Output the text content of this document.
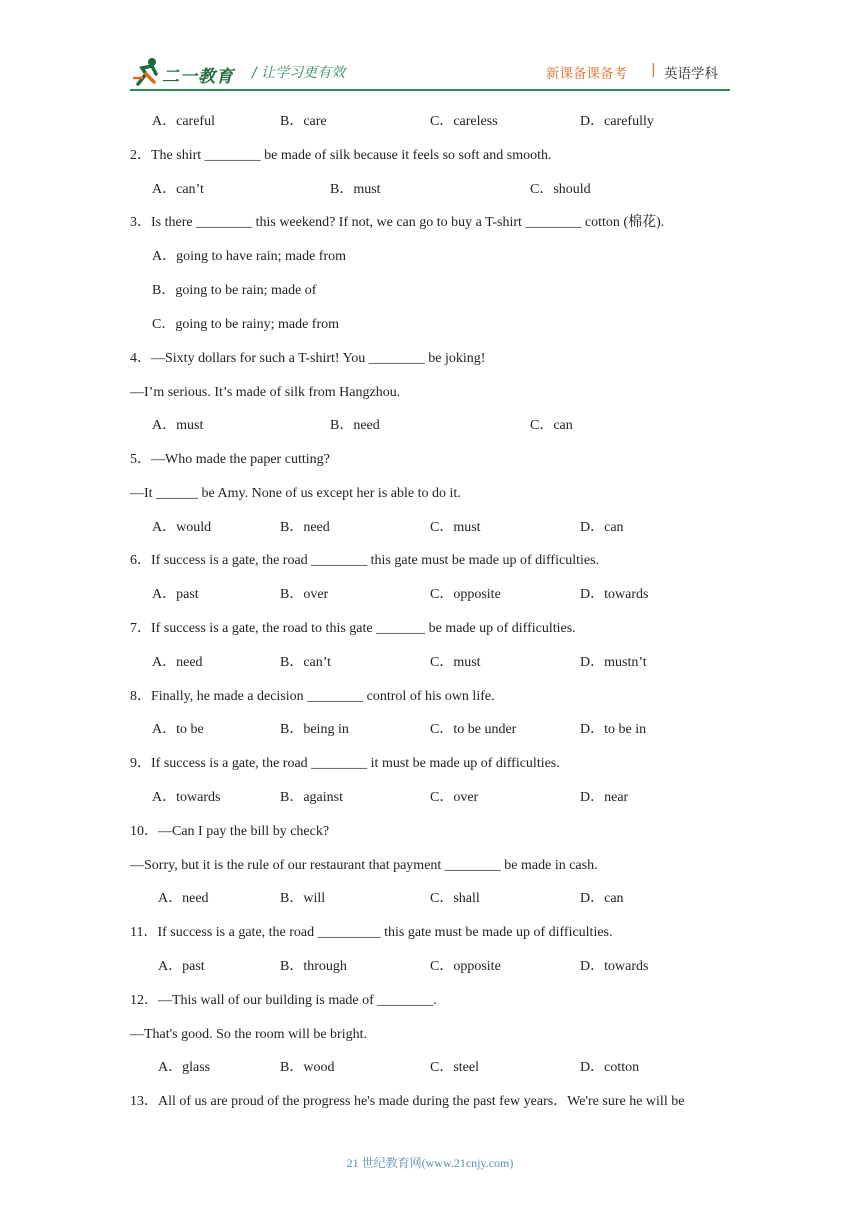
二一教育 / 让学习更有效	新课备课备考 | 英语学科
A．careful	B．care	C．careless	D．carefully
2．The shirt ________ be made of silk because it feels so soft and smooth.
A．can’t	B．must	C．should
3．Is there ________ this weekend? If not, we can go to buy a T-shirt ________ cotton (棉花).
A．going to have rain; made from
B．going to be rain; made of
C．going to be rainy; made from
4．—Sixty dollars for such a T-shirt! You ________ be joking!
—I’m serious. It’s made of silk from Hangzhou.
A．must	B．need	C．can
5．—Who made the paper cutting?
—It ______ be Amy. None of us except her is able to do it.
A．would	B．need	C．must	D．can
6．If success is a gate, the road ________ this gate must be made up of difficulties.
A．past	B．over	C．opposite	D．towards
7．If success is a gate, the road to this gate _______ be made up of difficulties.
A．need	B．can’t	C．must	D．mustn’t
8．Finally, he made a decision ________ control of his own life.
A．to be	B．being in	C．to be under	D．to be in
9．If success is a gate, the road ________ it must be made up of difficulties.
A．towards	B．against	C．over	D．near
10．—Can I pay the bill by check?
—Sorry, but it is the rule of our restaurant that payment ________ be made in cash.
A．need	B．will	C．shall	D．can
11．If success is a gate, the road _________ this gate must be made up of difficulties.
A．past	B．through	C．opposite	D．towards
12．—This wall of our building is made of ________.
—That's good. So the room will be bright.
A．glass	B．wood	C．steel	D．cotton
13．All of us are proud of the progress he's made during the past few years．We're sure he will be
21 世纪教育网(www.21cnjy.com)
